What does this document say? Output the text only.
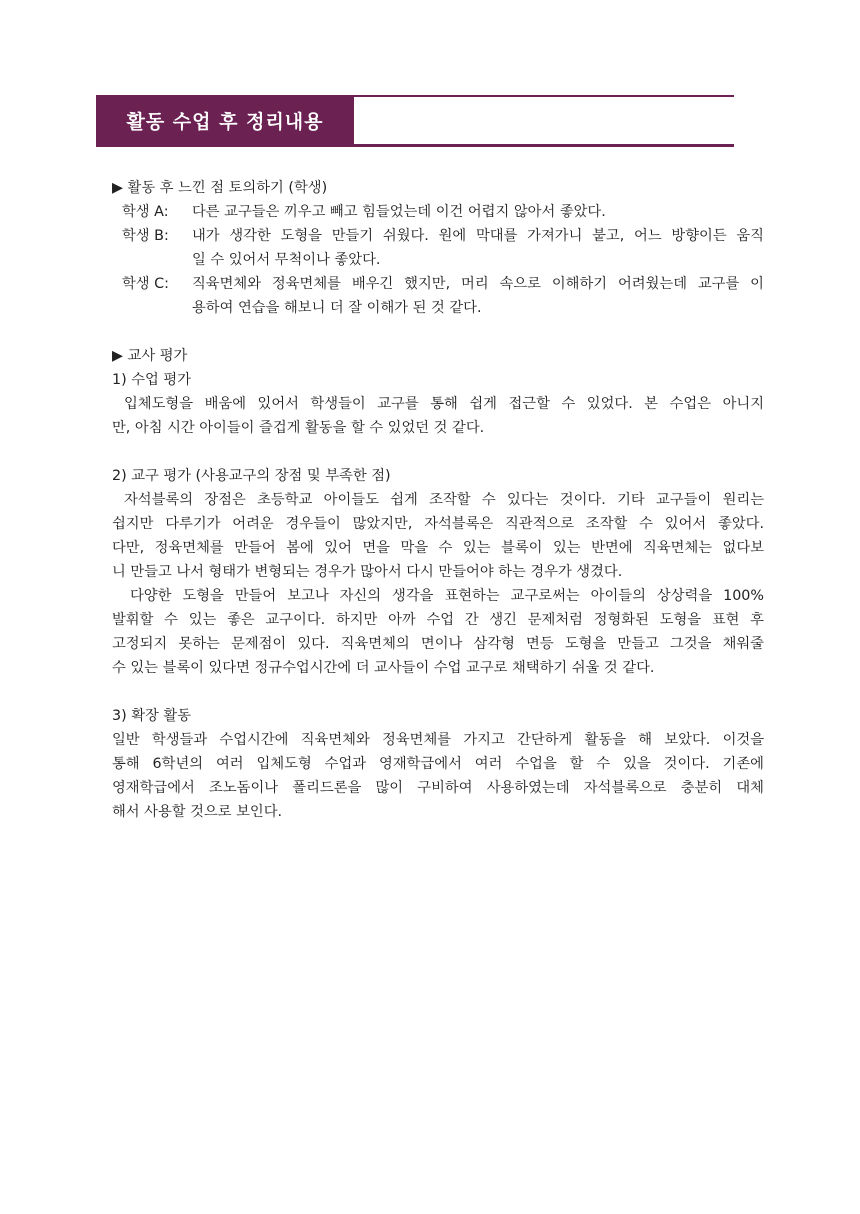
활동 수업 후 정리내용
▶ 활동 후 느낀 점 토의하기 (학생)
학생 A:	다른 교구들은 끼우고 빼고 힘들었는데 이건 어렵지 않아서 좋았다.
학생 B:	내가 생각한 도형을 만들기 쉬웠다. 원에 막대를 가져가니 붙고, 어느 방향이든 움직
일 수 있어서 무척이나 좋았다.
학생 C:	직육면체와 정육면체를 배우긴 했지만, 머리 속으로 이해하기 어려웠는데 교구를 이
용하여 연습을 해보니 더 잘 이해가 된 것 같다.
▶ 교사 평가
1) 수업 평가
입체도형을 배움에 있어서 학생들이 교구를 통해 쉽게 접근할 수 있었다. 본 수업은 아니지
만, 아침 시간 아이들이 즐겁게 활동을 할 수 있었던 것 같다.
2) 교구 평가 (사용교구의 장점 및 부족한 점)
자석블록의 장점은 초등학교 아이들도 쉽게 조작할 수 있다는 것이다. 기타 교구들이 원리는
쉽지만 다루기가 어려운 경우들이 많았지만, 자석블록은 직관적으로 조작할 수 있어서 좋았다.
다만, 정육면체를 만들어 봄에 있어 면을 막을 수 있는 블록이 있는 반면에 직육면체는 없다보
니 만들고 나서 형태가 변형되는 경우가 많아서 다시 만들어야 하는 경우가 생겼다.
다양한 도형을 만들어 보고나 자신의 생각을 표현하는 교구로써는 아이들의 상상력을 100%
발휘할 수 있는 좋은 교구이다. 하지만 아까 수업 간 생긴 문제처럼 정형화된 도형을 표현 후
고정되지 못하는 문제점이 있다. 직육면체의 면이나 삼각형 면등 도형을 만들고 그것을 채워줄
수 있는 블록이 있다면 정규수업시간에 더 교사들이 수업 교구로 채택하기 쉬울 것 같다.
3) 확장 활동
일반 학생들과 수업시간에 직육면체와 정육면체를 가지고 간단하게 활동을 해 보았다. 이것을
통해 6학년의 여러 입체도형 수업과 영재학급에서 여러 수업을 할 수 있을 것이다. 기존에
영재학급에서 조노돔이나 폴리드론을 많이 구비하여 사용하였는데 자석블록으로 충분히 대체
해서 사용할 것으로 보인다.
